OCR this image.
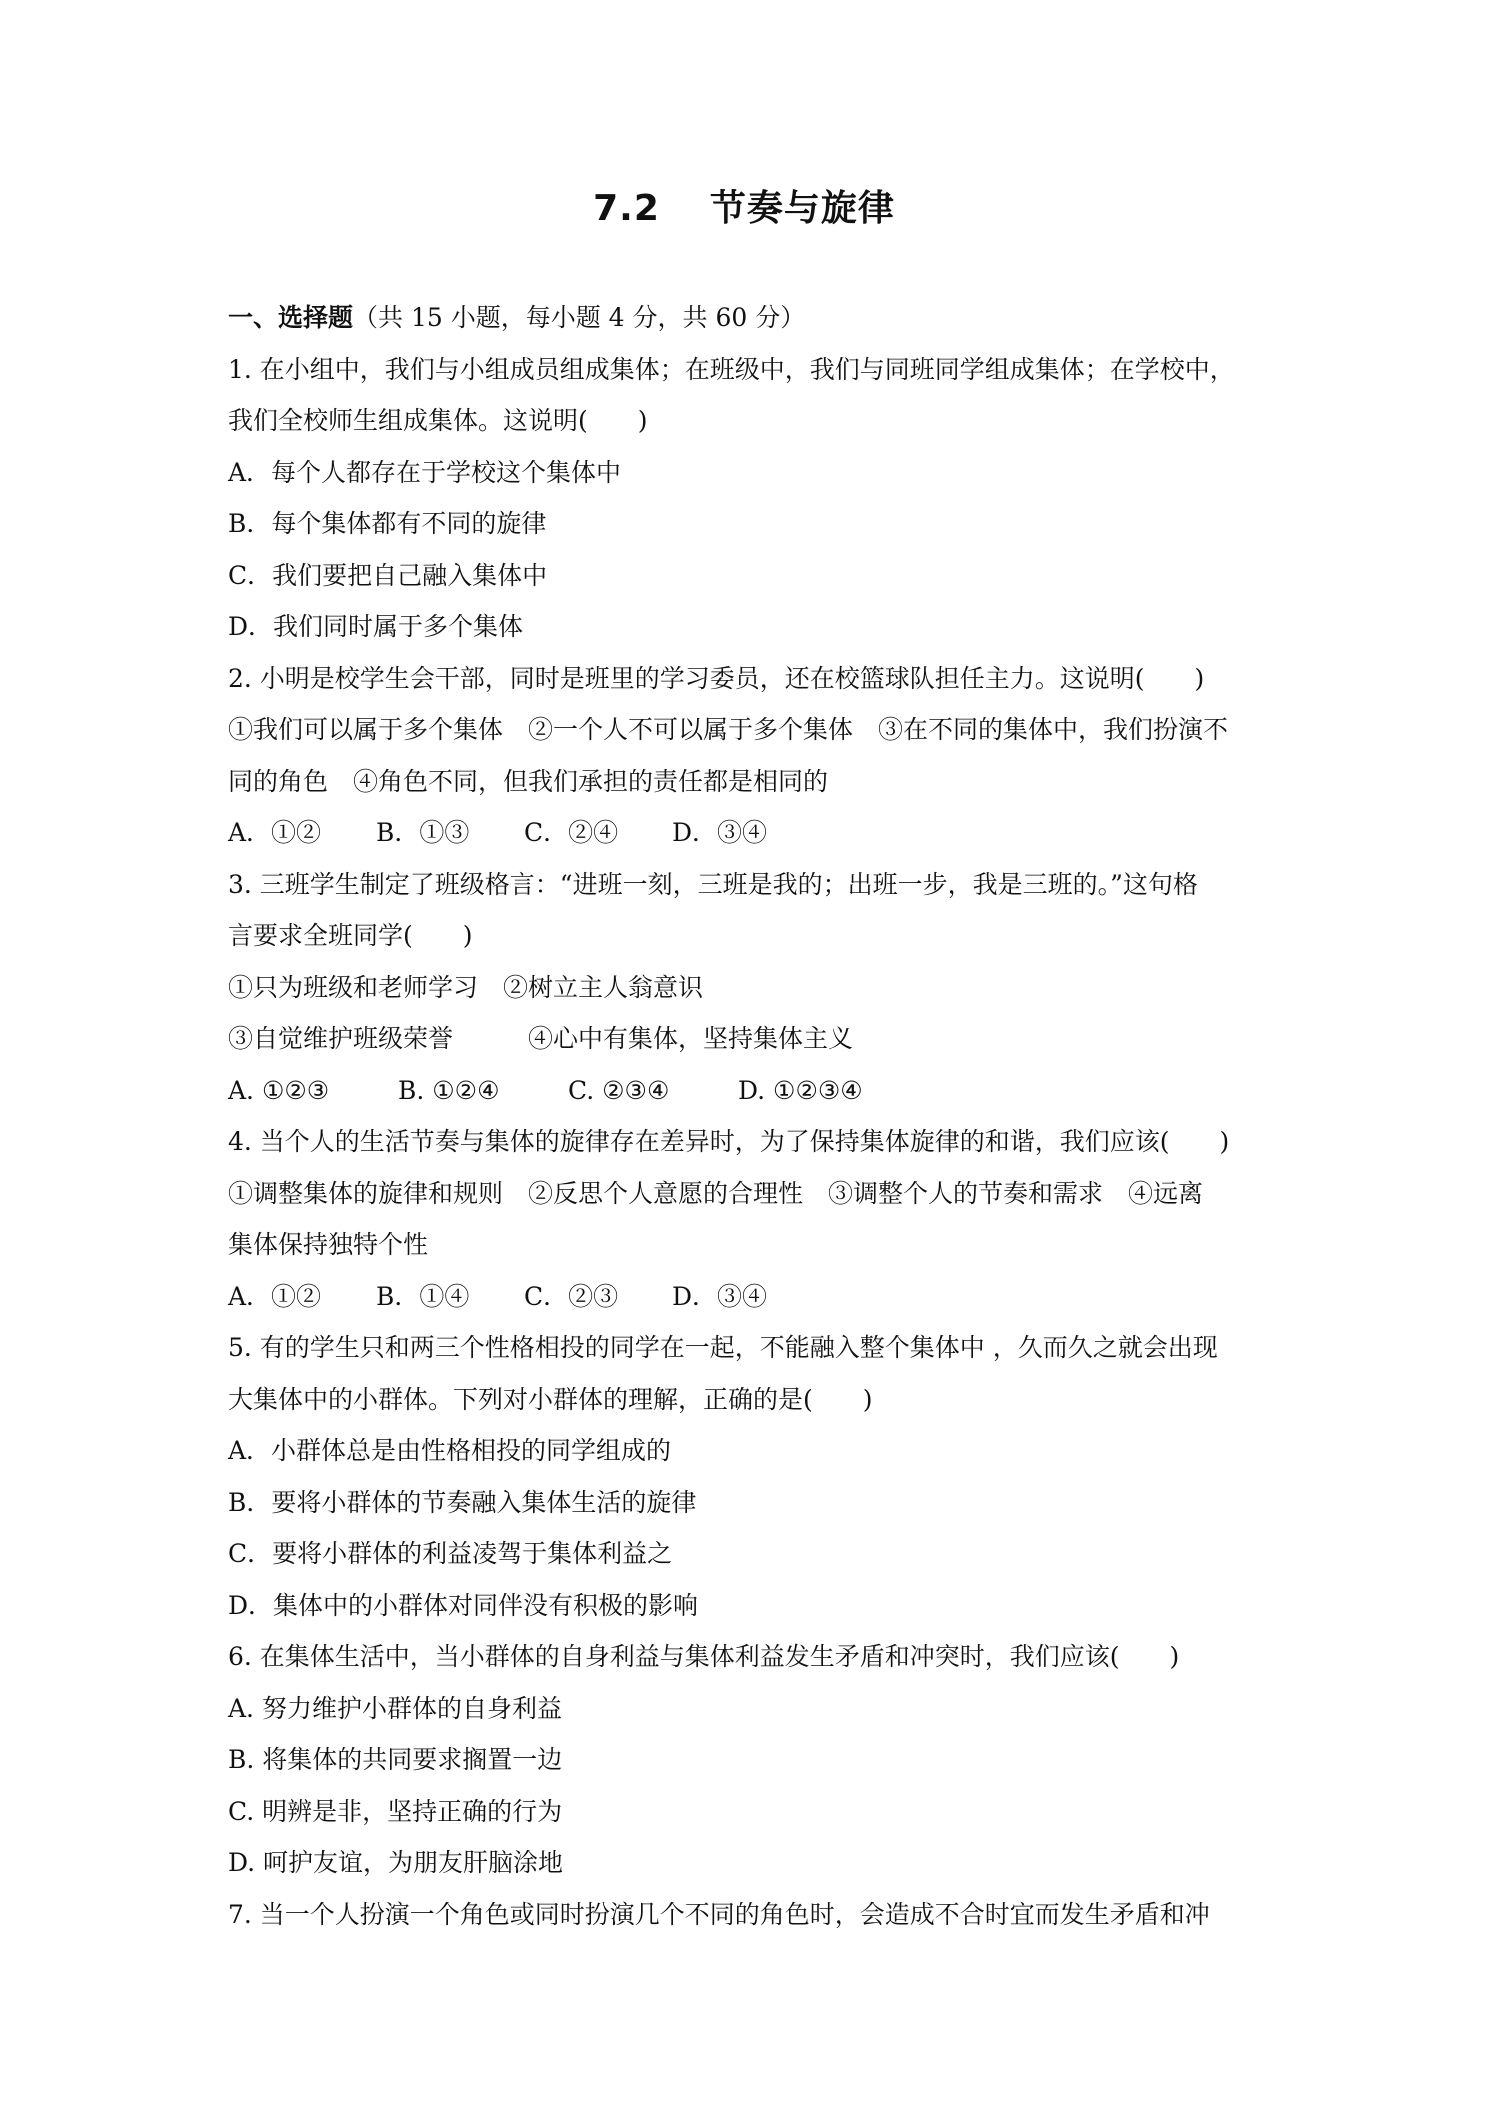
7.2 节奏与旋律
一、选择题（共 15 小题，每小题 4 分，共 60 分）
1. 在小组中，我们与小组成员组成集体；在班级中，我们与同班同学组成集体；在学校中，
我们全校师生组成集体。这说明(　　)
A．每个人都存在于学校这个集体中
B．每个集体都有不同的旋律
C．我们要把自己融入集体中
D．我们同时属于多个集体
2. 小明是校学生会干部，同时是班里的学习委员，还在校篮球队担任主力。这说明(　　)
①我们可以属于多个集体　②一个人不可以属于多个集体　③在不同的集体中，我们扮演不
同的角色　④角色不同，但我们承担的责任都是相同的
A．①② B．①③ C．②④ D．③④
3. 三班学生制定了班级格言：“进班一刻，三班是我的；出班一步，我是三班的。”这句格
言要求全班同学(　　)
①只为班级和老师学习　②树立主人翁意识
③自觉维护班级荣誉　　　④心中有集体，坚持集体主义
A. ①②③	B. ①②④	C. ②③④	D. ①②③④
4. 当个人的生活节奏与集体的旋律存在差异时，为了保持集体旋律的和谐，我们应该(　　)
①调整集体的旋律和规则　②反思个人意愿的合理性　③调整个人的节奏和需求　④远离
集体保持独特个性
A．①② B．①④ C．②③ D．③④
5. 有的学生只和两三个性格相投的同学在一起，不能融入整个集体中 ，久而久之就会出现
大集体中的小群体。下列对小群体的理解，正确的是(　　)
A．小群体总是由性格相投的同学组成的
B．要将小群体的节奏融入集体生活的旋律
C．要将小群体的利益凌驾于集体利益之
D．集体中的小群体对同伴没有积极的影响
6. 在集体生活中，当小群体的自身利益与集体利益发生矛盾和冲突时，我们应该(　　)
A. 努力维护小群体的自身利益
B. 将集体的共同要求搁置一边
C. 明辨是非，坚持正确的行为
D. 呵护友谊，为朋友肝脑涂地
7. 当一个人扮演一个角色或同时扮演几个不同的角色时，会造成不合时宜而发生矛盾和冲
